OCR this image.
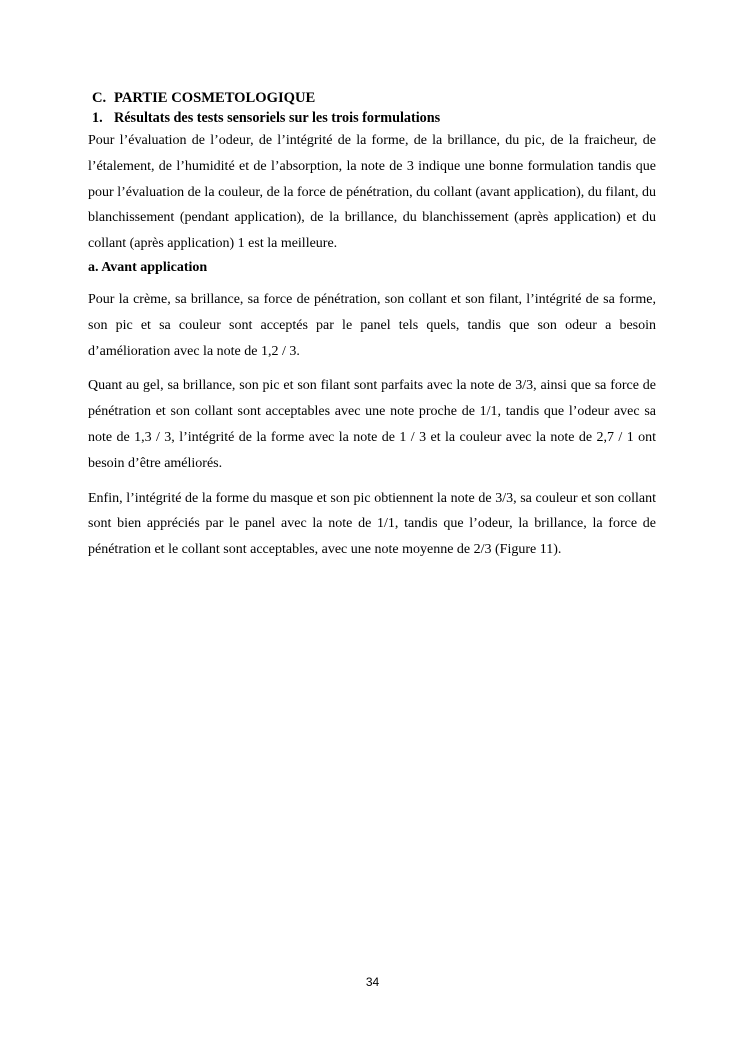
C. PARTIE COSMETOLOGIQUE
1. Résultats des tests sensoriels sur les trois formulations

Pour l’évaluation de l’odeur, de l’intégrité de la forme, de la brillance, du pic, de la fraicheur, de l’étalement, de l’humidité et de l’absorption, la note de 3 indique une bonne formulation tandis que pour l’évaluation de la couleur, de la force de pénétration, du collant (avant application), du filant, du blanchissement (pendant application), de la brillance, du blanchissement (après application) et du collant (après application) 1 est la meilleure.

a. Avant application

Pour la crème, sa brillance, sa force de pénétration, son collant et son filant, l’intégrité de sa forme, son pic et sa couleur sont acceptés par le panel tels quels, tandis que son odeur a besoin d’amélioration avec la note de 1,2 / 3.

Quant au gel, sa brillance, son pic et son filant sont parfaits avec la note de 3/3, ainsi que sa force de pénétration et son collant sont acceptables avec une note proche de 1/1, tandis que l’odeur avec sa note de 1,3 / 3, l’intégrité de la forme avec la note de 1 / 3 et la couleur avec la note de 2,7 / 1 ont besoin d’être améliorés.

Enfin, l’intégrité de la forme du masque et son pic obtiennent la note de 3/3, sa couleur et son collant sont bien appréciés par le panel avec la note de 1/1, tandis que l’odeur, la brillance, la force de pénétration et le collant sont acceptables, avec une note moyenne de 2/3 (Figure 11).

34
